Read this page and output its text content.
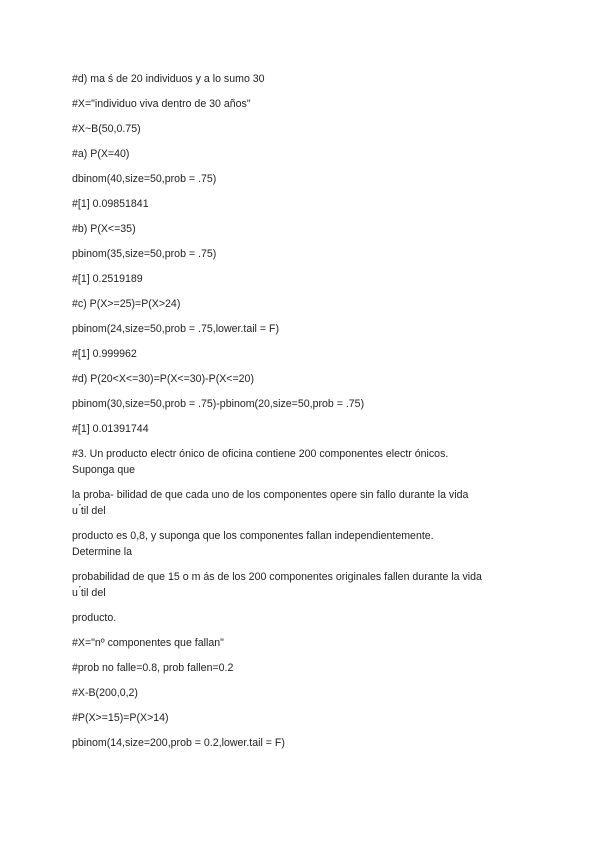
#d) ma ś de 20 individuos y a lo sumo 30
#X="individuo viva dentro de 30 años"
#X~B(50,0.75)
#a) P(X=40)
dbinom(40,size=50,prob = .75)
#[1] 0.09851841
#b) P(X<=35)
pbinom(35,size=50,prob = .75)
#[1] 0.2519189
#c) P(X>=25)=P(X>24)
pbinom(24,size=50,prob = .75,lower.tail = F)
#[1] 0.999962
#d) P(20<X<=30)=P(X<=30)-P(X<=20)
pbinom(30,size=50,prob = .75)-pbinom(20,size=50,prob = .75)
#[1] 0.01391744
#3. Un producto electr ónico de oficina contiene 200 componentes electr ónicos.
Suponga que
la proba- bilidad de que cada uno de los componentes opere sin fallo durante la vida
u ́til del
producto es 0,8, y suponga que los componentes fallan independientemente.
Determine la
probabilidad de que 15 o m ás de los 200 componentes originales fallen durante la vida
u ́til del
producto.
#X="nº componentes que fallan"
#prob no falle=0.8, prob fallen=0.2
#X-B(200,0,2)
#P(X>=15)=P(X>14)
pbinom(14,size=200,prob = 0.2,lower.tail = F)
